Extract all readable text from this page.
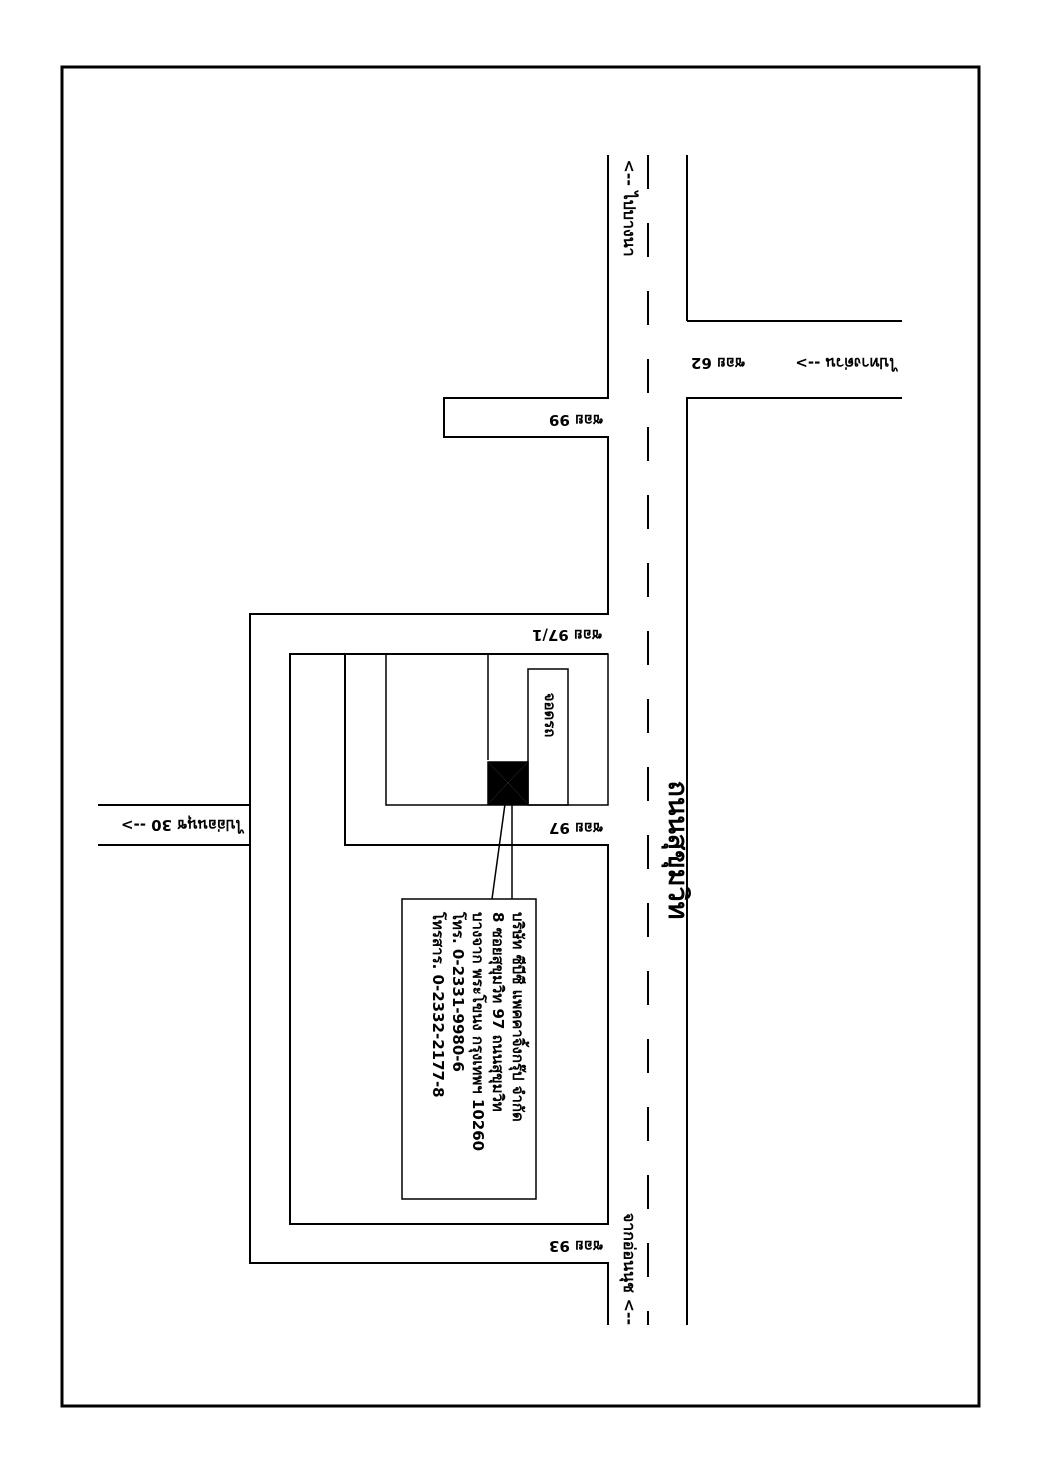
ถนนสุขุมวิท
<-- ไปบางนา
จากอ่อนนุช <--
ไปทางด่วน -->
ไปอ่อนนุช 30 -->
ซอย 62
ซอย 99
ซอย 97/1
ซอย 97
ซอย 93
จอดรถ
บริษัท ซีบีซี แพคคาจิ้งกรุ๊ป จำกัด
8 ซอยสุขุมวิท 97 ถนนสุขุมวิท
บางจาก พระโขนง กรุงเทพฯ 10260
โทร. 0-2331-9980-6
โทรสาร. 0-2332-2177-8
